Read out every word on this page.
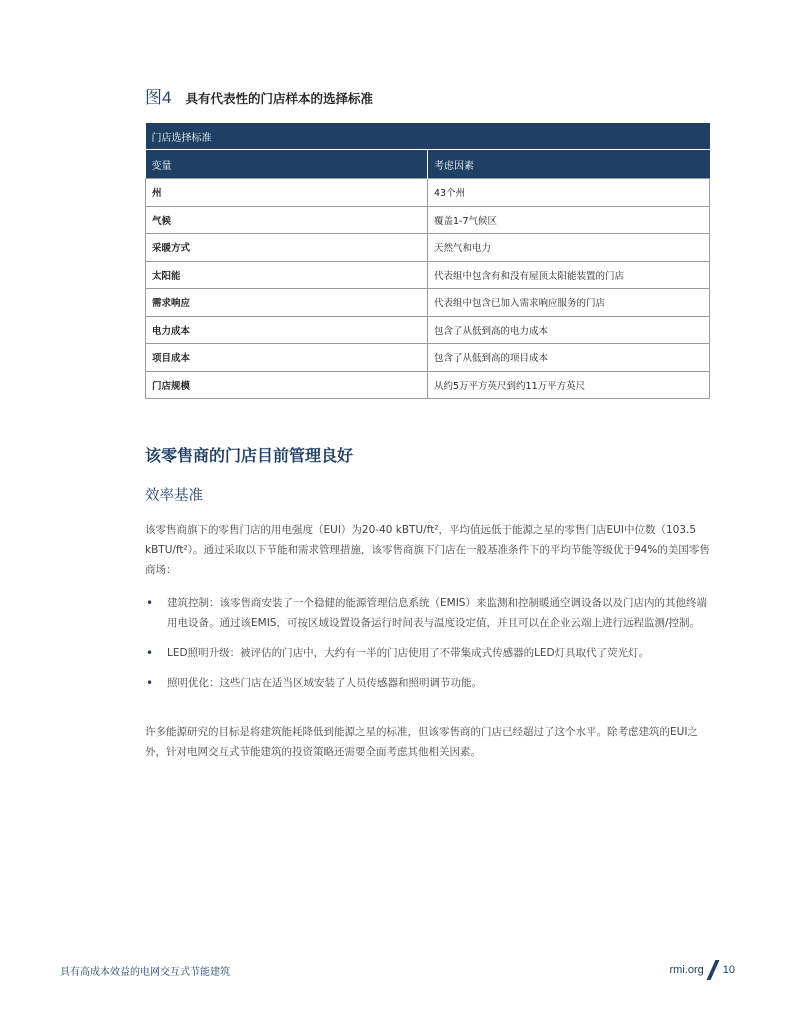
图4 具有代表性的门店样本的选择标准
门店选择标准	
变量	考虑因素
州	43个州
气候	覆盖1-7气候区
采暖方式	天然气和电力
太阳能	代表组中包含有和没有屋顶太阳能装置的门店
需求响应	代表组中包含已加入需求响应服务的门店
电力成本	包含了从低到高的电力成本
项目成本	包含了从低到高的项目成本
门店规模	从约5万平方英尺到约11万平方英尺
该零售商的门店目前管理良好
效率基准

该零售商旗下的零售门店的用电强度（EUI）为20-40 kBTU/ft²，平均值远低于能源之星的零售门店EUI中位数（103.5 kBTU/ft²）。通过采取以下节能和需求管理措施，该零售商旗下门店在一般基准条件下的平均节能等级优于94%的美国零售商场：

• 建筑控制：该零售商安装了一个稳健的能源管理信息系统（EMIS）来监测和控制暖通空调设备以及门店内的其他终端用电设备。通过该EMIS，可按区域设置设备运行时间表与温度设定值，并且可以在企业云端上进行远程监测/控制。
• LED照明升级：被评估的门店中，大约有一半的门店使用了不带集成式传感器的LED灯具取代了荧光灯。
• 照明优化：这些门店在适当区域安装了人员传感器和照明调节功能。

许多能源研究的目标是将建筑能耗降低到能源之星的标准，但该零售商的门店已经超过了这个水平。除考虑建筑的EUI之外，针对电网交互式节能建筑的投资策略还需要全面考虑其他相关因素。

具有高成本效益的电网交互式节能建筑	rmi.org 10
